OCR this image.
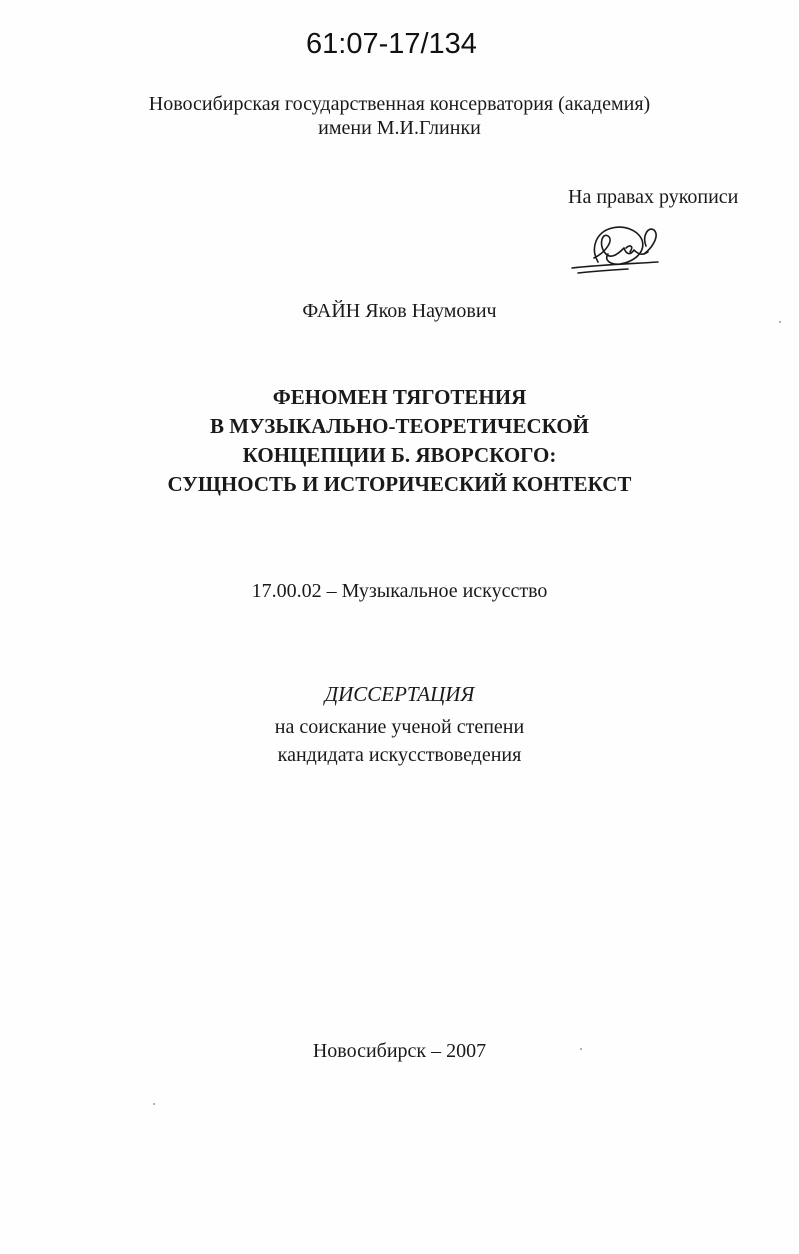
61:07-17/134
Новосибирская государственная консерватория (академия)
имени М.И.Глинки
На правах рукописи
ФАЙН Яков Наумович
ФЕНОМЕН ТЯГОТЕНИЯ
В МУЗЫКАЛЬНО-ТЕОРЕТИЧЕСКОЙ
КОНЦЕПЦИИ Б. ЯВОРСКОГО:
СУЩНОСТЬ И ИСТОРИЧЕСКИЙ КОНТЕКСТ
17.00.02 – Музыкальное искусство
ДИССЕРТАЦИЯ
на соискание ученой степени
кандидата искусствоведения
Новосибирск – 2007
